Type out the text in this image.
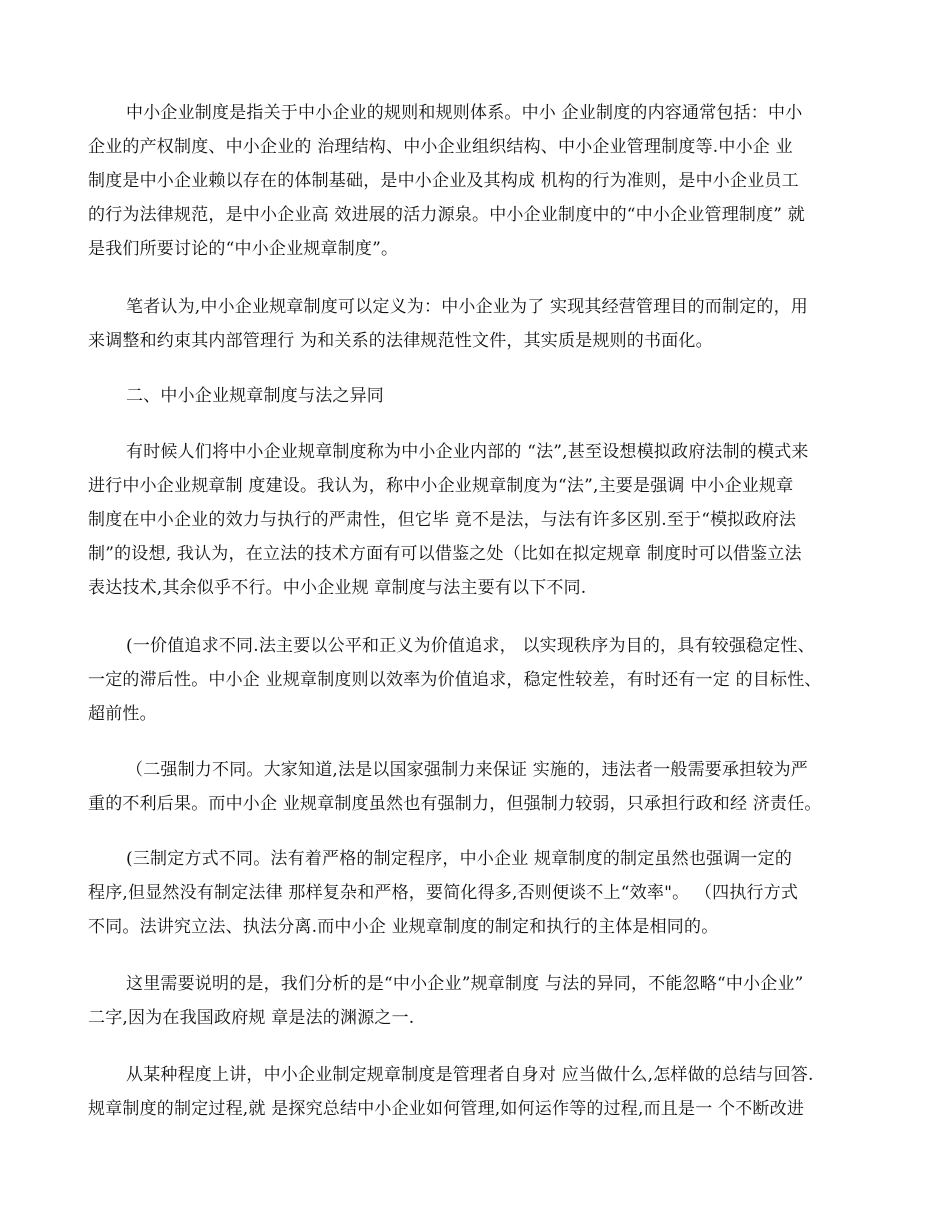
中小企业制度是指关于中小企业的规则和规则体系。中小 企业制度的内容通常包括：中小
企业的产权制度、中小企业的 治理结构、中小企业组织结构、中小企业管理制度等.中小企 业
制度是中小企业赖以存在的体制基础，是中小企业及其构成 机构的行为准则，是中小企业员工
的行为法律规范，是中小企业高 效进展的活力源泉。中小企业制度中的“中小企业管理制度” 就
是我们所要讨论的“中小企业规章制度”。
笔者认为,中小企业规章制度可以定义为：中小企业为了 实现其经营管理目的而制定的，用
来调整和约束其内部管理行 为和关系的法律规范性文件，其实质是规则的书面化。
二、中小企业规章制度与法之异同
有时候人们将中小企业规章制度称为中小企业内部的 “法”,甚至设想模拟政府法制的模式来
进行中小企业规章制 度建设。我认为，称中小企业规章制度为“法”,主要是强调 中小企业规章
制度在中小企业的效力与执行的严肃性，但它毕 竟不是法，与法有许多区别.至于“模拟政府法
制”的设想, 我认为，在立法的技术方面有可以借鉴之处（比如在拟定规章 制度时可以借鉴立法
表达技术,其余似乎不行。中小企业规 章制度与法主要有以下不同.
(一价值追求不同.法主要以公平和正义为价值追求， 以实现秩序为目的，具有较强稳定性、
一定的滞后性。中小企 业规章制度则以效率为价值追求，稳定性较差，有时还有一定 的目标性、
超前性。
（二强制力不同。大家知道,法是以国家强制力来保证 实施的，违法者一般需要承担较为严
重的不利后果。而中小企 业规章制度虽然也有强制力，但强制力较弱，只承担行政和经 济责任。
(三制定方式不同。法有着严格的制定程序，中小企业 规章制度的制定虽然也强调一定的
程序,但显然没有制定法律 那样复杂和严格，要简化得多,否则便谈不上“效率"。 （四执行方式
不同。法讲究立法、执法分离.而中小企 业规章制度的制定和执行的主体是相同的。
这里需要说明的是，我们分析的是“中小企业”规章制度 与法的异同，不能忽略“中小企业”
二字,因为在我国政府规 章是法的渊源之一.
从某种程度上讲，中小企业制定规章制度是管理者自身对 应当做什么,怎样做的总结与回答.
规章制度的制定过程,就 是探究总结中小企业如何管理,如何运作等的过程,而且是一 个不断改进
